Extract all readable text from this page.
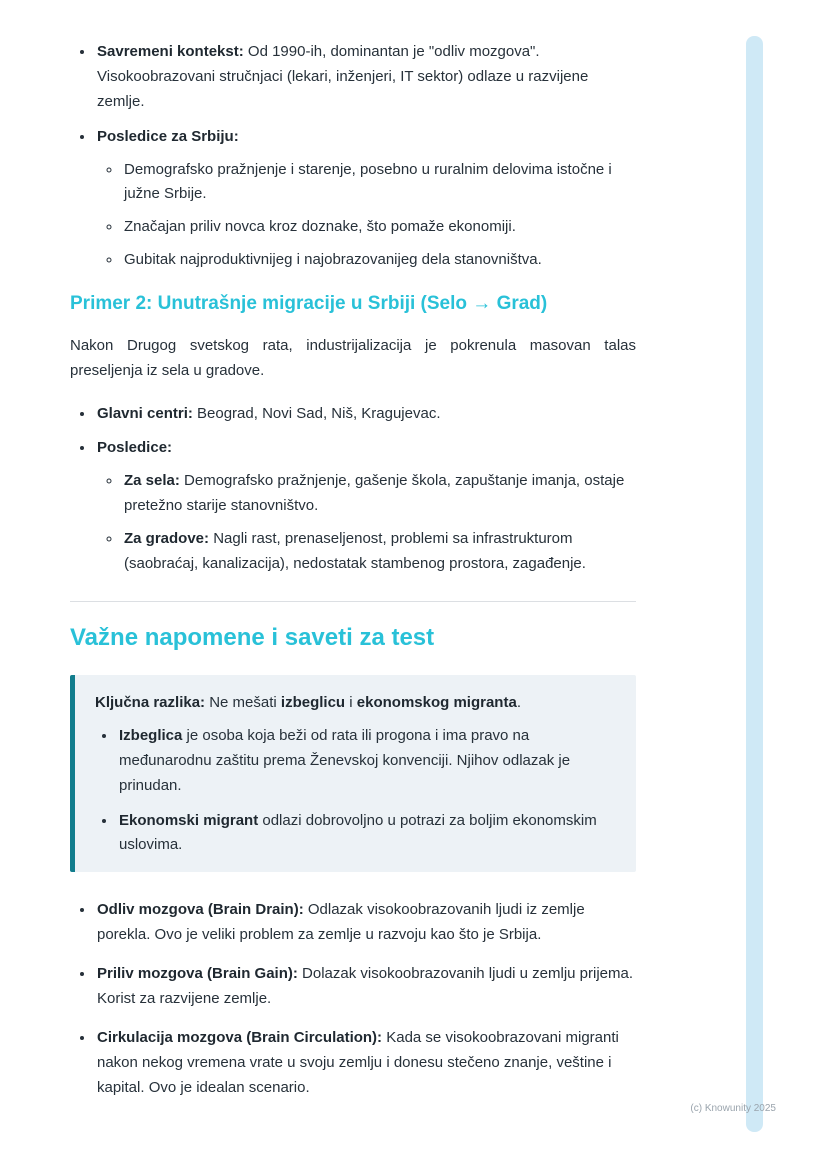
• Savremeni kontekst: Od 1990-ih, dominantan je "odliv mozgova". Visokoobrazovani stručnjaci (lekari, inženjeri, IT sektor) odlaze u razvijene zemlje.
• Posledice za Srbiju:
◦ Demografsko pražnjenje i starenje, posebno u ruralnim delovima istočne i južne Srbije.
◦ Značajan priliv novca kroz doznake, što pomaže ekonomiji.
◦ Gubitak najproduktivnijeg i najobrazovanijeg dela stanovništva.
Primer 2: Unutrašnje migracije u Srbiji (Selo → Grad)

Nakon Drugog svetskog rata, industrijalizacija je pokrenula masovan talas preseljenja iz sela u gradove.

• Glavni centri: Beograd, Novi Sad, Niš, Kragujevac.
• Posledice:
◦ Za sela: Demografsko pražnjenje, gašenje škola, zapuštanje imanja, ostaje pretežno starije stanovništvo.
◦ Za gradove: Nagli rast, prenaseljenost, problemi sa infrastrukturom (saobraćaj, kanalizacija), nedostatak stambenog prostora, zagađenje.
Važne napomene i saveti za test

Ključna razlika: Ne mešati izbeglicu i ekonomskog migranta.

• Izbeglica je osoba koja beži od rata ili progona i ima pravo na međunarodnu zaštitu prema Ženevskoj konvenciji. Njihov odlazak je prinudan.
• Ekonomski migrant odlazi dobrovoljno u potrazi za boljim ekonomskim uslovima.
• Odliv mozgova (Brain Drain): Odlazak visokoobrazovanih ljudi iz zemlje porekla. Ovo je veliki problem za zemlje u razvoju kao što je Srbija.
• Priliv mozgova (Brain Gain): Dolazak visokoobrazovanih ljudi u zemlju prijema. Korist za razvijene zemlje.
• Cirkulacija mozgova (Brain Circulation): Kada se visokoobrazovani migranti nakon nekog vremena vrate u svoju zemlju i donesu stečeno znanje, veštine i kapital. Ovo je idealan scenario.
(c) Knowunity 2025
